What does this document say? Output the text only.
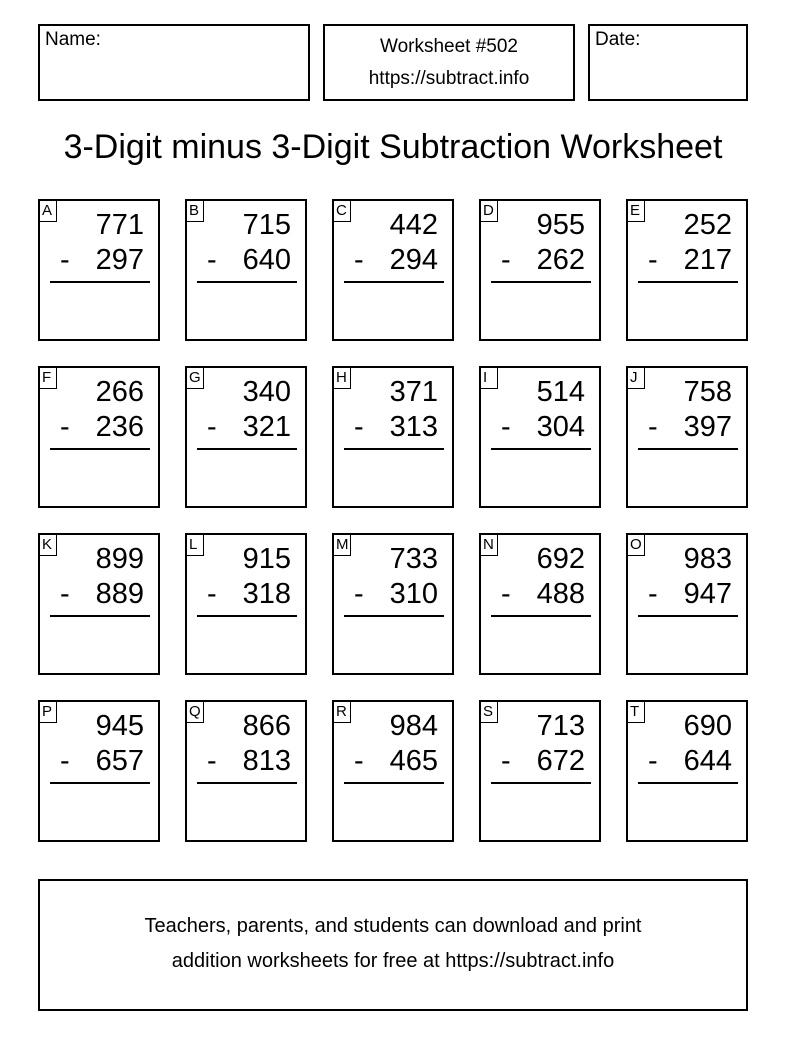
Name:	Worksheet #502
https://subtract.info
Date:
3-Digit minus 3-Digit Subtraction Worksheet
A 771
- 297
B 715
- 640
C 442
- 294
D 955
- 262
E 252
- 217
F 266
- 236
G 340
- 321
H 371
- 313
I	514
- 304
J 758
- 397
K 899
- 889
L 915
- 318
M 733
- 310
N 692
- 488
O 983
- 947
P 945
- 657
Q 866
- 813
R 984
- 465
S 713
- 672
T 690
- 644
Teachers, parents, and students can download and print
addition worksheets for free at https://subtract.info
